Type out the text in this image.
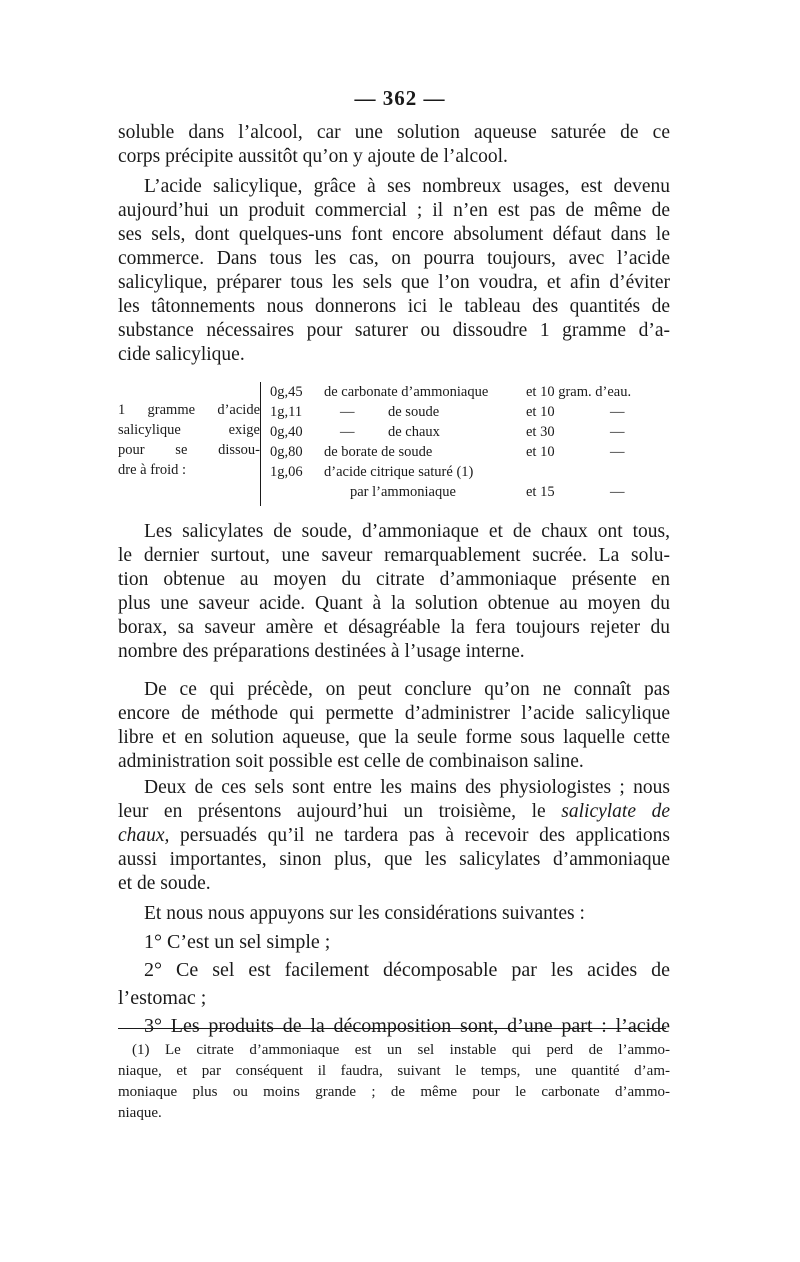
— 362 —
soluble dans l’alcool, car une solution aqueuse saturée de ce
corps précipite aussitôt qu’on y ajoute de l’alcool.
L’acide salicylique, grâce à ses nombreux usages, est devenu
aujourd’hui un produit commercial ; il n’en est pas de même de
ses sels, dont quelques-uns font encore absolument défaut dans le
commerce. Dans tous les cas, on pourra toujours, avec l’acide
salicylique, préparer tous les sels que l’on voudra, et afin d’éviter
les tâtonnements nous donnerons ici le tableau des quantités de
substance nécessaires pour saturer ou dissoudre 1 gramme d’a-
cide salicylique.
1 gramme d’acide
salicylique exige
pour se dissou-
dre à froid :
0g,45 de carbonate d’ammoniaque	et 10 gram. d’eau.
1g,11	— de soude	et 10	—
0g,40	— de chaux	et 30	—
0g,80 de borate de soude	et 10	—
1g,06 d’acide citrique saturé (1)
par l’ammoniaque	et 15	—
Les salicylates de soude, d’ammoniaque et de chaux ont tous,
le dernier surtout, une saveur remarquablement sucrée. La solu-
tion obtenue au moyen du citrate d’ammoniaque présente en
plus une saveur acide. Quant à la solution obtenue au moyen du
borax, sa saveur amère et désagréable la fera toujours rejeter du
nombre des préparations destinées à l’usage interne.
De ce qui précède, on peut conclure qu’on ne connaît pas
encore de méthode qui permette d’administrer l’acide salicylique
libre et en solution aqueuse, que la seule forme sous laquelle cette
administration soit possible est celle de combinaison saline.
Deux de ces sels sont entre les mains des physiologistes ; nous
leur en présentons aujourd’hui un troisième, le salicylate de
chaux, persuadés qu’il ne tardera pas à recevoir des applications
aussi importantes, sinon plus, que les salicylates d’ammoniaque
et de soude.
Et nous nous appuyons sur les considérations suivantes :
1° C’est un sel simple ;
2° Ce sel est facilement décomposable par les acides de
l’estomac ;
3° Les produits de la décomposition sont, d’une part : l’acide
(1) Le citrate d’ammoniaque est un sel instable qui perd de l’ammo-
niaque, et par conséquent il faudra, suivant le temps, une quantité d’am-
moniaque plus ou moins grande ; de même pour le carbonate d’ammo-
niaque.
